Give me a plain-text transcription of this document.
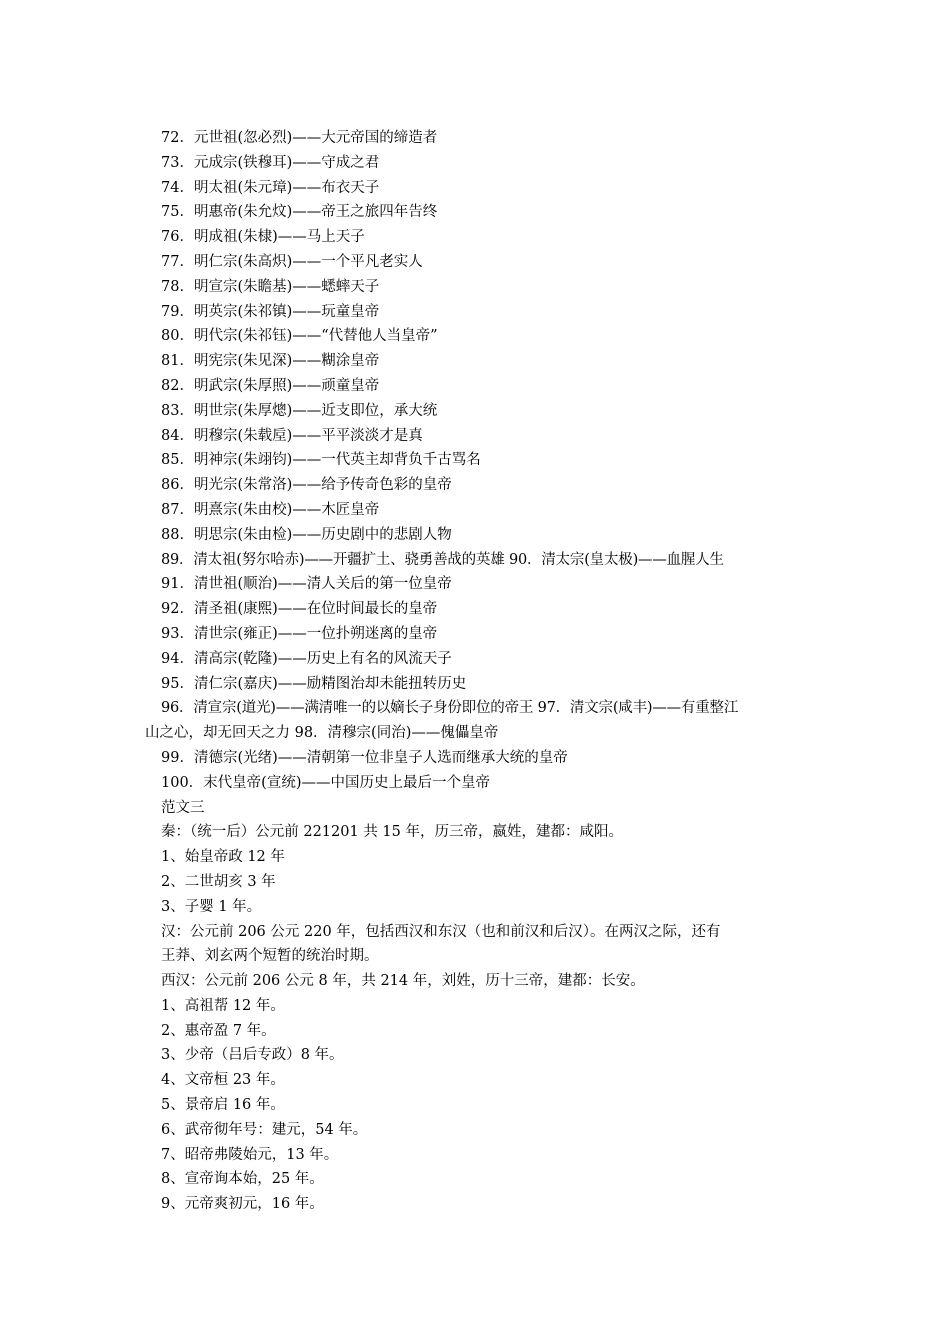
72．元世祖(忽必烈)——大元帝国的缔造者
73．元成宗(铁穆耳)——守成之君
74．明太祖(朱元璋)——布衣天子
75．明惠帝(朱允炆)——帝王之旅四年告终
76．明成祖(朱棣)——马上天子
77．明仁宗(朱高炽)——一个平凡老实人
78．明宣宗(朱瞻基)——蟋蟀天子
79．明英宗(朱祁镇)——玩童皇帝
80．明代宗(朱祁钰)——“代替他人当皇帝”
81．明宪宗(朱见深)——糊涂皇帝
82．明武宗(朱厚照)——顽童皇帝
83．明世宗(朱厚熜)——近支即位，承大统
84．明穆宗(朱载垕)——平平淡淡才是真
85．明神宗(朱翊钧)——一代英主却背负千古骂名
86．明光宗(朱常洛)——给予传奇色彩的皇帝
87．明熹宗(朱由校)——木匠皇帝
88．明思宗(朱由检)——历史剧中的悲剧人物
89．清太祖(努尔哈赤)——开疆扩土、骁勇善战的英雄 90．清太宗(皇太极)——血腥人生
91．清世祖(顺治)——清人关后的第一位皇帝
92．清圣祖(康熙)——在位时间最长的皇帝
93．清世宗(雍正)——一位扑朔迷离的皇帝
94．清高宗(乾隆)——历史上有名的风流天子
95．清仁宗(嘉庆)——励精图治却未能扭转历史
96．清宣宗(道光)——满清唯一的以嫡长子身份即位的帝王 97．清文宗(咸丰)——有重整江
山之心，却无回天之力 98．清穆宗(同治)——傀儡皇帝
99．清德宗(光绪)——清朝第一位非皇子人选而继承大统的皇帝
100．末代皇帝(宣统)——中国历史上最后一个皇帝
范文三
秦：（统一后）公元前 221201 共 15 年，历三帝，嬴姓，建都：咸阳。
1、始皇帝政 12 年
2、二世胡亥 3 年
3、子婴 1 年。
汉：公元前 206 公元 220 年，包括西汉和东汉（也和前汉和后汉）。在两汉之际，还有
王莽、刘玄两个短暂的统治时期。
西汉：公元前 206 公元 8 年，共 214 年，刘姓，历十三帝，建都：长安。
1、高祖帮 12 年。
2、惠帝盈 7 年。
3、少帝（吕后专政）8 年。
4、文帝桓 23 年。
5、景帝启 16 年。
6、武帝彻年号：建元，54 年。
7、昭帝弗陵始元，13 年。
8、宣帝询本始，25 年。
9、元帝爽初元，16 年。
